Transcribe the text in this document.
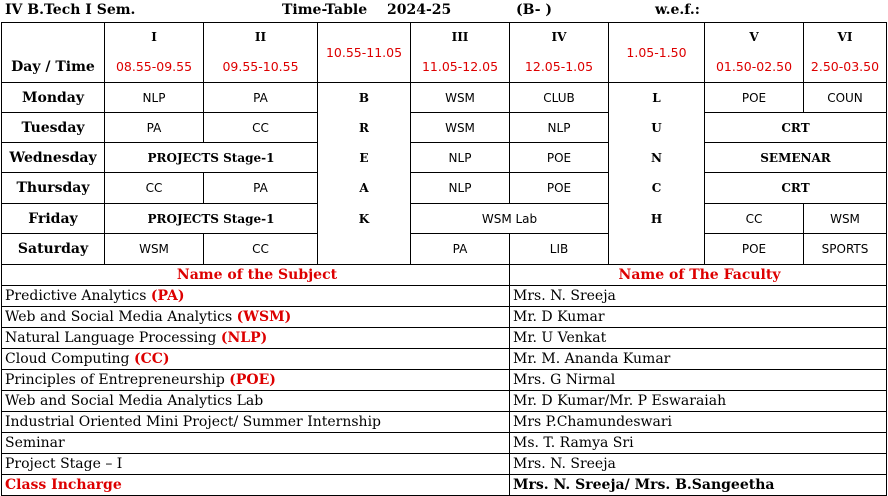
IV B.Tech I Sem.	Time-Table 2024-25	(B- )	w.e.f.:
	I	II	10.55-11.05	III	IV	1.05-1.50	V	VI
Day / Time	08.55-09.55	09.55-10.55		11.05-12.05	12.05-1.05		01.50-02.50	2.50-03.50
Monday	NLP	PA	B	WSM	CLUB	L	POE	COUN
Tuesday	PA	CC	R	WSM	NLP	U	CRT	
Wednesday	PROJECTS Stage-1		E	NLP	POE	N	SEMENAR	
Thursday	CC	PA	A	NLP	POE	C	CRT	
Friday	PROJECTS Stage-1		K	WSM Lab		H	CC	WSM
Saturday	WSM	CC		PA	LIB		POE	SPORTS
Name of the Subject	Name of The Faculty
Predictive Analytics (PA)	Mrs. N. Sreeja
Web and Social Media Analytics (WSM)	Mr. D Kumar
Natural Language Processing (NLP)	Mr. U Venkat
Cloud Computing (CC)	Mr. M. Ananda Kumar
Principles of Entrepreneurship (POE)	Mrs. G Nirmal
Web and Social Media Analytics Lab	Mr. D Kumar/Mr. P Eswaraiah
Industrial Oriented Mini Project/ Summer Internship	Mrs P.Chamundeswari
Seminar	Ms. T. Ramya Sri
Project Stage – I	Mrs. N. Sreeja
Class Incharge	Mrs. N. Sreeja/ Mrs. B.Sangeetha
